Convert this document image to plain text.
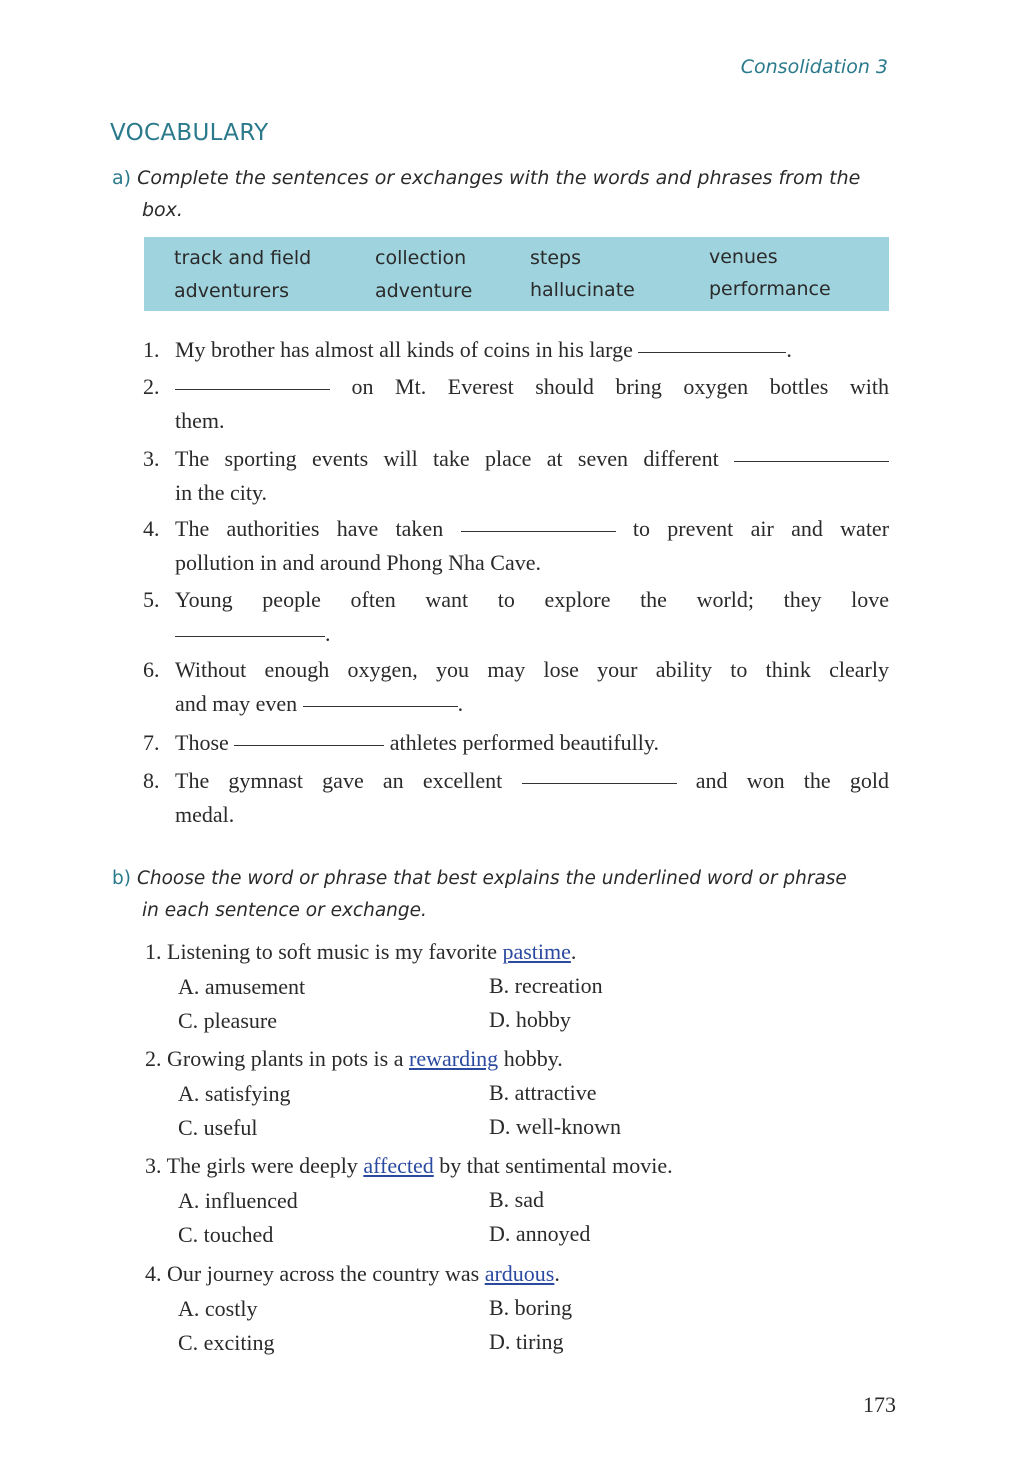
Consolidation 3
VOCABULARY
a) Complete the sentences or exchanges with the words and phrases from the
box.
track and field	collection	steps	venues
adventurers	adventure	hallucinate	performance
1. My brother has almost all kinds of coins in his large	.
2.	on Mt. Everest should bring oxygen bottles with
them.
3. The sporting events will take place at seven different
in the city.
4. The authorities have taken	to prevent air and water
pollution in and around Phong Nha Cave.
5. Young people often want to explore the world; they love
.
6. Without enough oxygen, you may lose your ability to think clearly
and may even	.
7. Those	athletes performed beautifully.
8. The gymnast gave an excellent	and won the gold
medal.
b) Choose the word or phrase that best explains the underlined word or phrase
in each sentence or exchange.
1. Listening to soft music is my favorite pastime.
A. amusement	B. recreation
C. pleasure	D. hobby
2. Growing plants in pots is a rewarding hobby.
A. satisfying	B. attractive
C. useful	D. well-known
3. The girls were deeply affected by that sentimental movie.
A. influenced	B. sad
C. touched	D. annoyed
4. Our journey across the country was arduous.
A. costly	B. boring
C. exciting	D. tiring
173
